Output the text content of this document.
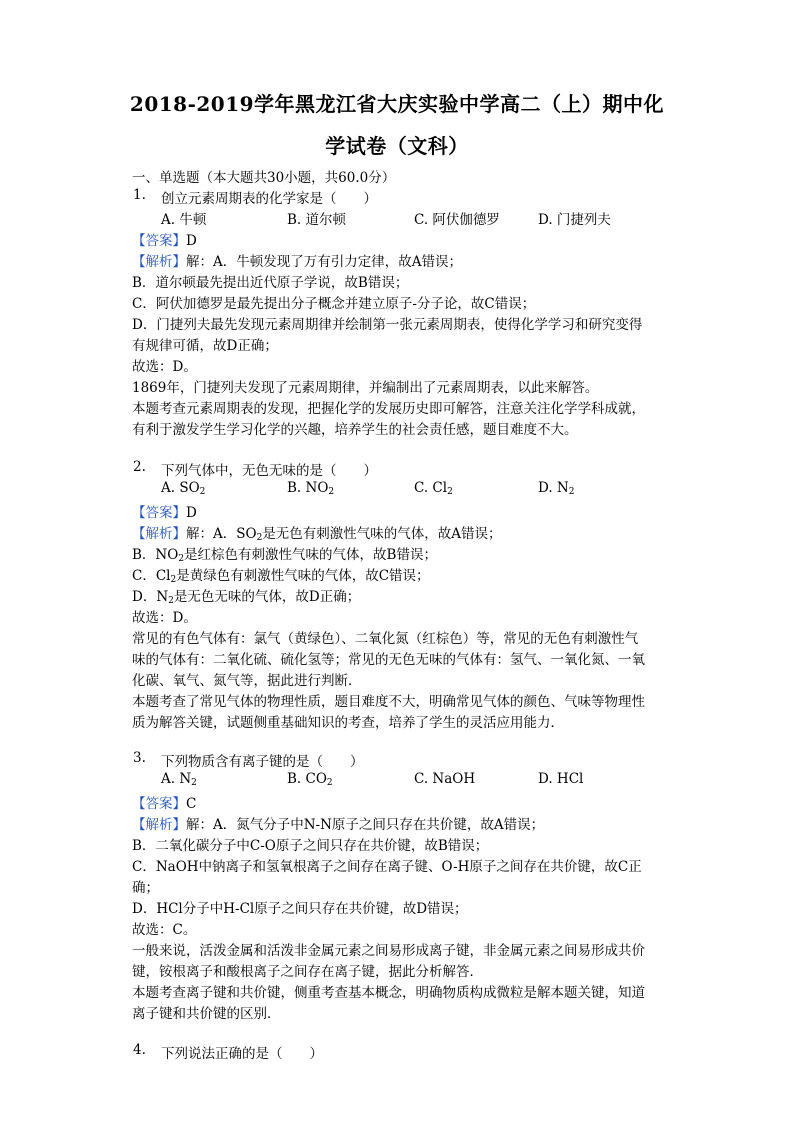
2018-2019学年黑龙江省大庆实验中学高二（上）期中化
学试卷（文科）
一、单选题（本大题共30小题，共60.0分）
1. 创立元素周期表的化学家是（　　）
A. 牛顿	B. 道尔顿	C. 阿伏伽德罗	D. 门捷列夫
【答案】D
【解析】解：A．牛顿发现了万有引力定律，故A错误；
B．道尔顿最先提出近代原子学说，故B错误；
C．阿伏加德罗是最先提出分子概念并建立原子-分子论，故C错误；
D．门捷列夫最先发现元素周期律并绘制第一张元素周期表，使得化学学习和研究变得
有规律可循，故D正确；
故选：D。
1869年，门捷列夫发现了元素周期律，并编制出了元素周期表，以此来解答。
本题考查元素周期表的发现，把握化学的发展历史即可解答，注意关注化学学科成就，
有利于激发学生学习化学的兴趣，培养学生的社会责任感，题目难度不大。
2. 下列气体中，无色无味的是（　　）
A. $SO_2$	B. $NO_2$	C. $Cl_2$	D. $N_2$
【答案】D
【解析】解：A．$SO_2$是无色有刺激性气味的气体，故A错误；
B．$NO_2$是红棕色有刺激性气味的气体，故B错误；
C．$Cl_2$是黄绿色有刺激性气味的气体，故C错误；
D．$N_2$是无色无味的气体，故D正确；
故选：D。
常见的有色气体有：氯气（黄绿色）、二氧化氮（红棕色）等，常见的无色有刺激性气
味的气体有：二氧化硫、硫化氢等；常见的无色无味的气体有：氢气、一氧化氮、一氧
化碳、氧气、氮气等，据此进行判断．
本题考查了常见气体的物理性质，题目难度不大，明确常见气体的颜色、气味等物理性
质为解答关键，试题侧重基础知识的考查，培养了学生的灵活应用能力．
3. 下列物质含有离子键的是（　　）
A. $N_2$	B. $CO_2$	C. NaOH	D. HCl
【答案】C
【解析】解：A．氮气分子中N-N原子之间只存在共价键，故A错误；
B．二氧化碳分子中C-O原子之间只存在共价键，故B错误；
C．NaOH中钠离子和氢氧根离子之间存在离子键、O-H原子之间存在共价键，故C正
确；
D．HCl分子中H-Cl原子之间只存在共价键，故D错误；
故选：C。
一般来说，活泼金属和活泼非金属元素之间易形成离子键，非金属元素之间易形成共价
键，铵根离子和酸根离子之间存在离子键，据此分析解答．
本题考查离子键和共价键，侧重考查基本概念，明确物质构成微粒是解本题关键，知道
离子键和共价键的区别．
4. 下列说法正确的是（　　）
